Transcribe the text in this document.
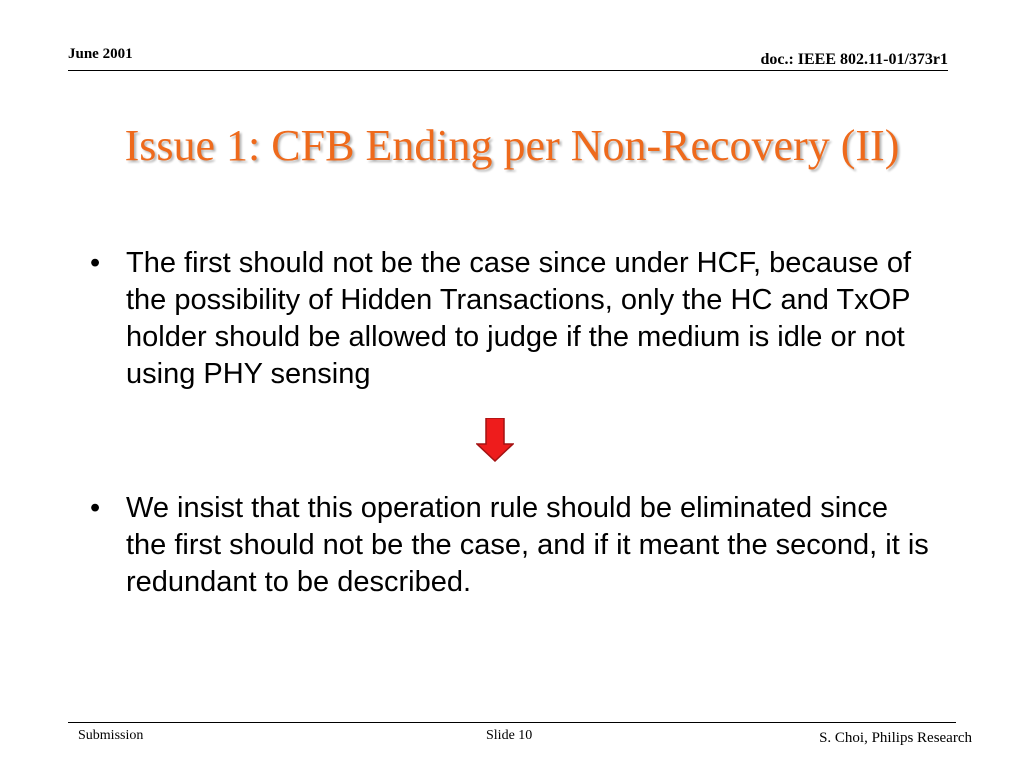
June 2001	doc.: IEEE 802.11-01/373r1
Issue 1: CFB Ending per Non-Recovery (II)
• The first should not be the case since under HCF, because of the possibility of Hidden Transactions, only the HC and TxOP holder should be allowed to judge if the medium is idle or not using PHY sensing
• We insist that this operation rule should be eliminated since the first should not be the case, and if it meant the second, it is redundant to be described.
Submission	Slide 10	S. Choi, Philips Research
